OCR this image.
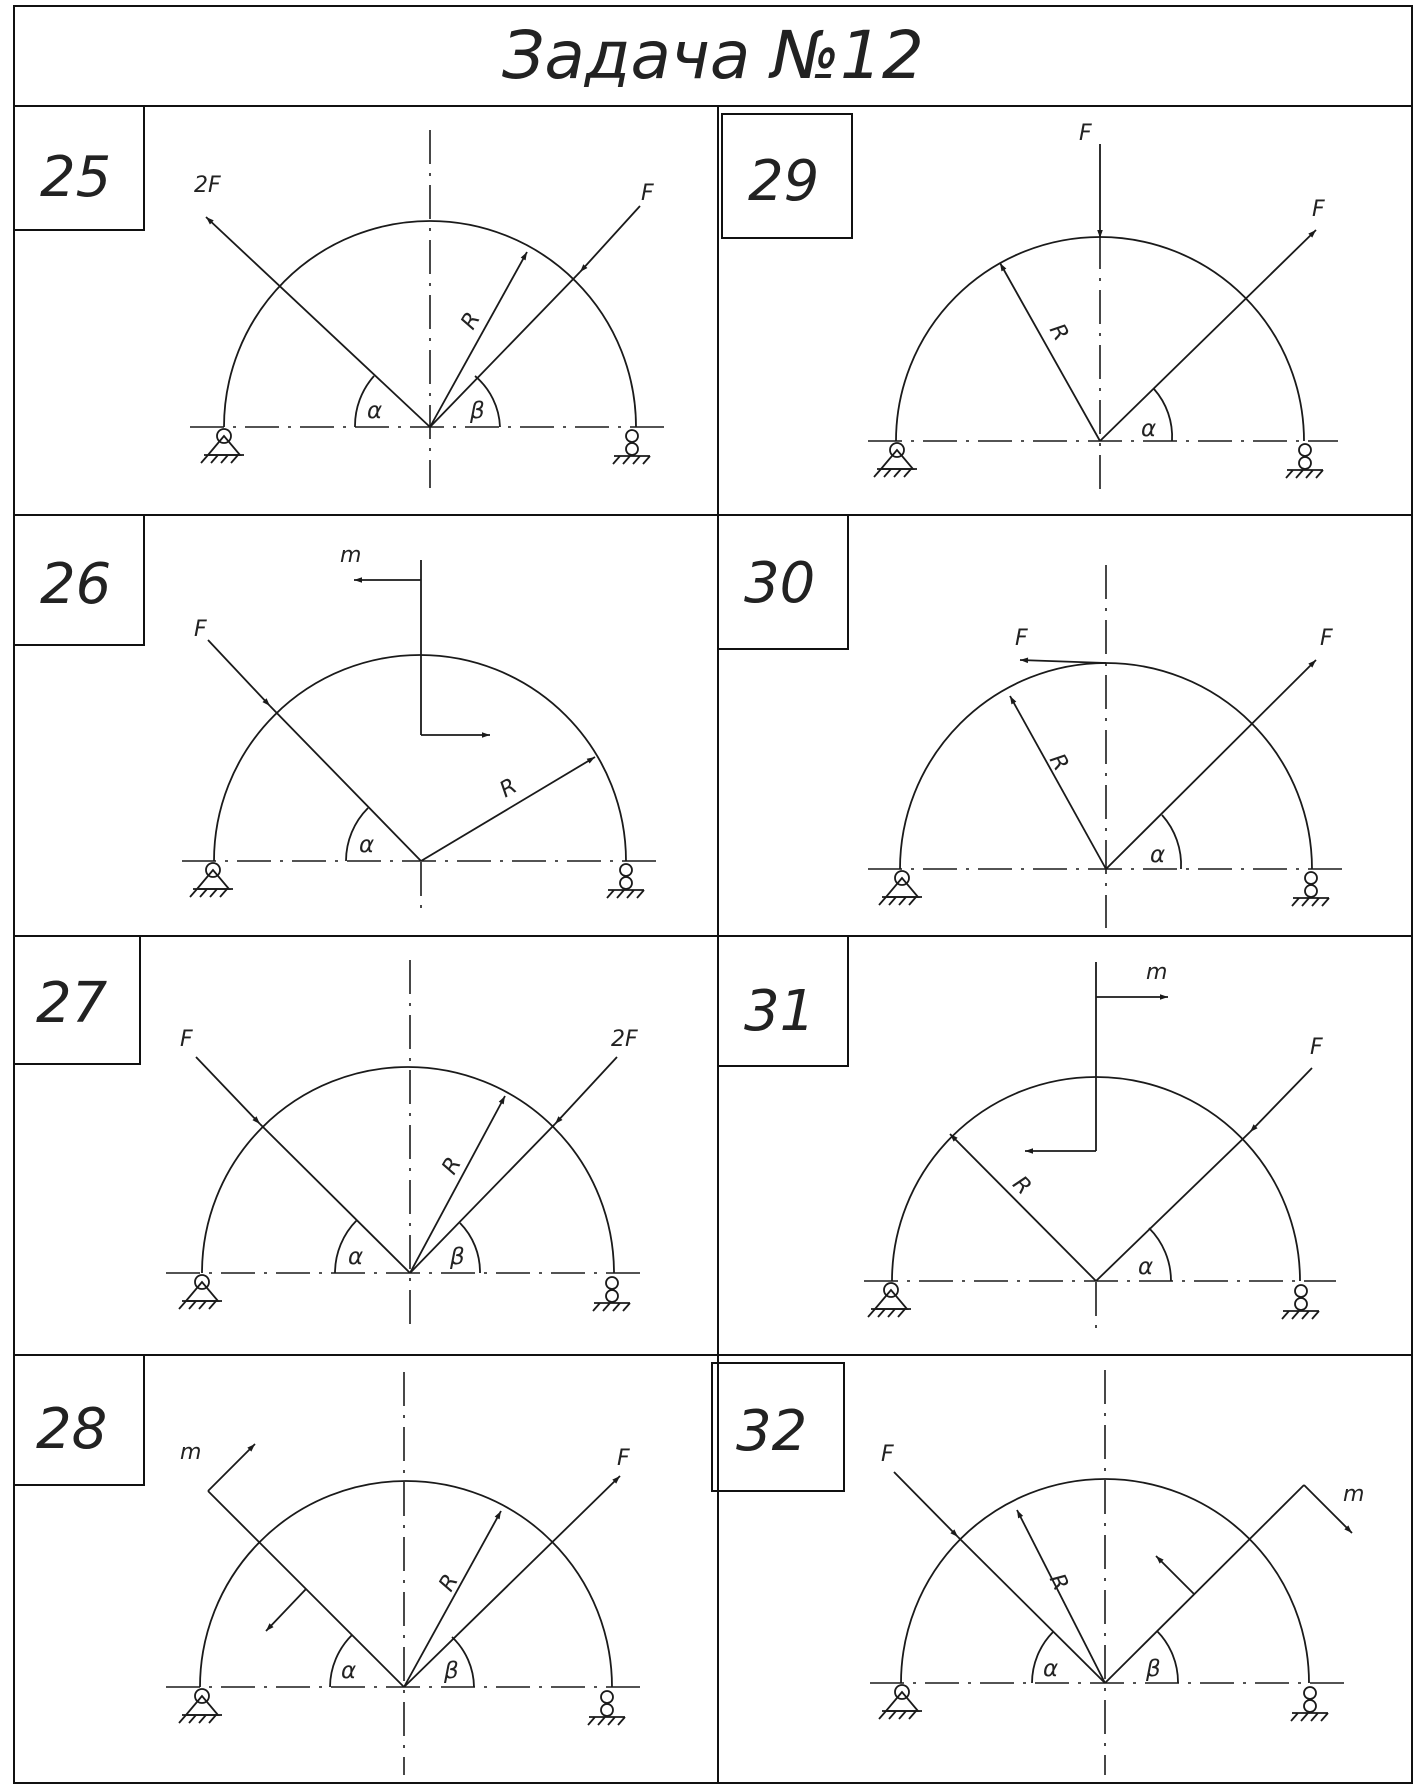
Задача №12
25	2F	F
R
α	β
29
F
F
R
α
26	m
F
R
α
30
F	F
R
α
27
F	2F
R
α	β
31
m
F
R
α
28	m	F
R
α	β
32	F
m
R
α	β
